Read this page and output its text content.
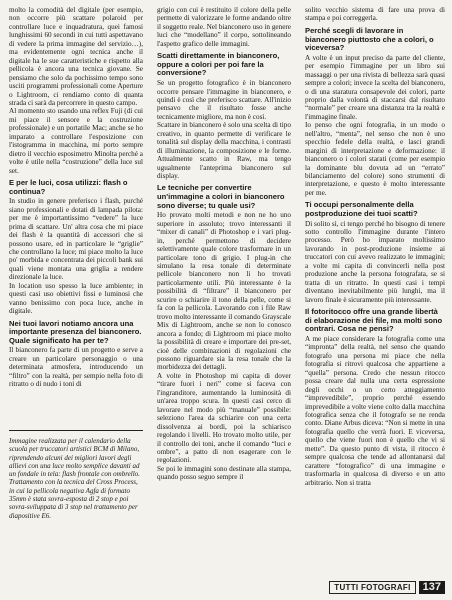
molto la comodità del digitale (per esempio, non occorre più scattare polaroid per controllare luce e inquadratura, quei famosi lunghissimi 60 secondi in cui tutti aspettavano di vedere la prima immagine del servizio…), ma evidentemente ogni tecnica anche il digitale ha le sue caratteristiche e rispetto alla pellicola è ancora una tecnica giovane. Se pensiamo che solo da pochissimo tempo sono usciti programmi professionali come Aperture o Lightroom, ci rendiamo conto di quanta strada ci sarà da percorrere in questo campo.

Al momento sto usando una reflex Fuji (di cui mi piace il sensore e la costruzione professionale) e un portatile Mac; anche se ho imparato a controllare l'esposizione con l'istogramma in macchina, mi porto sempre dietro il vecchio esposimetro Minolta perché a volte è utile nella “costruzione” della luce sul set.

E per le luci, cosa utilizzi: flash o continua?

In studio in genere preferisco i flash, purché siano professionali e dotati di lampada pilota: per me è importantissimo “vedere” la luce prima di scattare. Un' altra cosa che mi piace dei flash è la quantità di accessori che si possono usare, ed in particolare le “griglie” che controllano la luce; mi piace molto la luce po' morbida e concentrata dei piccoli bank sui quali viene montata una griglia a rendere direzionale la luce.

In location uso spesso la luce ambiente; in questi casi uso obiettivi fissi e luminosi che vanno benissimo con poca luce, anche in digitale.

Nei tuoi lavori notiamo ancora una importante presenza del bianconero. Quale significato ha per te?

Il bianconero fa parte di un progetto e serve a creare un particolare personaggio o una determinata atmosfera, introducendo un “filtro” con la realtà, per sempio nella foto di ritratto o di nudo i toni di

Immagine realizzata per il calendario della scuola per truccatori artistici BCM di Milano, riprendendo alcuni dei migliori lavori degli allievi con una luce molto semplice davanti ad un fondale in tela: flash frontale con ombrello. Trattamento con la tecnica del Cross Process, in cui la pellicola negativa Agfa di formato 35mm è stata sovra-esposta di 2 stop e poi sovra-sviluppata di 3 stop nel trattamento per diapositive E6.

grigio con cui è restituito il colore della pelle permette di valorizzare le forme andando oltre il soggetto reale. Nel bianconero uso in genere luci che “modellano” il corpo, sottolineando l'aspetto grafico delle immagini.

Scatti direttamente in bianconero, oppure a colori per poi fare la conversione?

Se un progetto fotografico è in bianconero occorre pensare l'immagine in bianconero, e quindi è così che preferisco scattare. All'inizio pensavo che il risultato fosse anche tecnicamente migliore, ma non è così.

Scattare in bianconero è solo una scelta di tipo creativo, in quanto permette di verificare le tonalità sul display della macchina, i contrasti di illuminazione, la composizione e le forme. Attualmente scatto in Raw, ma tengo ugualmente l'anteprima bianconero sul display.

Le tecniche per convertire un'immagine a colori in bianconero sono diverse; tu quale usi?

Ho provato molti metodi e non ne ho uno superiore in assoluto; trovo interessanti il “mixer di canali” di Photoshop e i vari plug-in, perché permettono di decidere selettivamente quale colore trasformare in un particolare tono di grigio. I plug-in che simulano la resa tonale di determinate pellicole bianconero non li ho trovati particolarmente utili. Più interessante è la possibilità di “filtrare” il bianconero per scurire o schiarire il tono della pelle, come si fa con la pellicola. Lavorando con i file Raw trovo molto interessante il comando Grayscale Mix di Lightroom, anche se non lo conosco ancora a fondo; di Lightroom mi piace molto la possibilità di creare e importare dei pre-set, cioè delle combinazioni di regolazioni che possono riguardare sia la resa tonale che la morbidezza dei dettagli.

A volte in Photoshop mi capita di dover “tirare fuori i neri” come si faceva con l'ingranditore, aumentando la luminosità di un'area troppo scura. In questi casi cerco di lavorare nel modo più “manuale” possibile: seleziono l'area da schiarire con una certa dissolvenza ai bordi, poi la schiarisco regolando i livelli. Ho trovato molto utile, per il controllo dei toni, anche il comando “luci e ombre”, a patto di non esagerare con le regolazioni.

Se poi le immagini sono destinate alla stampa, quando posso seguo sempre il

solito vecchio sistema di fare una prova di stampa e poi correggerla.

Perché scegli di lavorare in bianconero piuttosto che a colori, o viceversa?

A volte è un input preciso da parte del cliente, per esempio l'immagine per un libro sui massaggi o per una rivista di bellezza sarà quasi sempre a colori; invece la scelta del bianconero, o di una staratura consapevole dei colori, parte proprio dalla volontà di staccarsi dal risultato “normale” per creare una distanza tra la realtà e l'immagine finale.

Io penso che ogni fotografia, in un modo o nell'altro, “menta”, nel senso che non è uno specchio fedele della realtà, e lasci grandi margini di interpretazione e deformazione: il bianconero o i colori starati (come per esempio la dominante blu dovuta ad un “errato” bilanciamento del colore) sono strumenti di interpretazione, e questo è molto interessante per me.

Ti occupi personalmente della postproduzione dei tuoi scatti?

Di solito sì, ci tengo perché ho bisogno di tenere sotto controllo l'immagine durante l'intero processo. Però ho imparato moltissimo lavorando in post-produzione insieme ai truccatori con cui avevo realizzato le immagini; a volte mi capita di convincerli nella post produzione anche la persona fotografata, se si tratta di un ritratto. In questi casi i tempi diventano inevitabilmente più lunghi, ma il lavoro finale è sicuramente più interessante.

Il fotoritocco offre una grande libertà di elaborazione dei file, ma molti sono contrari. Cosa ne pensi?

A me piace considerare la fotografia come una “impronta” della realtà, nel senso che quando fotografo una persona mi piace che nella fotografia si ritrovi qualcosa che appartiene a “quella” persona. Credo che nessun ritocco possa creare dal nulla una certa espressione degli occhi o un certo atteggiamento “imprevedibile”, proprio perché essendo imprevedibile a volte viene colto dalla macchina fotografica senza che il fotografo se ne renda conto. Diane Arbus diceva: “Non si mette in una fotografia quello che verrà fuori. E viceversa, quello che viene fuori non è quello che vi si mette”. Da questo punto di vista, il ritocco è sempre qualcosa che tende ad allontanarsi dal carattere “fotografico” di una immagine e trasformarla in qualcosa di diverso e un atto arbitrario. Non si tratta

TUTTI FOTOGRAFI	137
